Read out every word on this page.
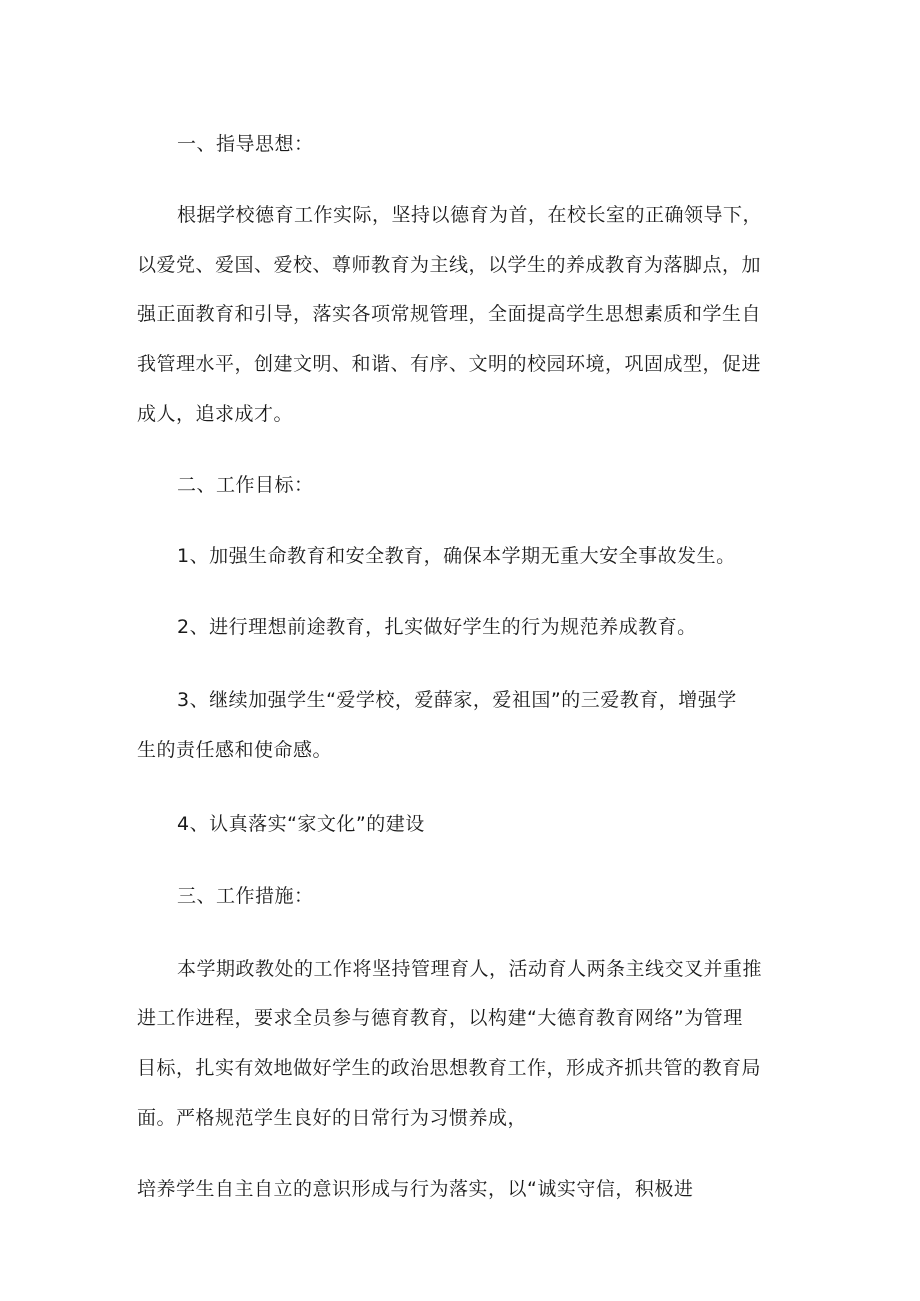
一、指导思想：
根据学校德育工作实际，坚持以德育为首，在校长室的正确领导下，
以爱党、爱国、爱校、尊师教育为主线，以学生的养成教育为落脚点，加
强正面教育和引导，落实各项常规管理，全面提高学生思想素质和学生自
我管理水平，创建文明、和谐、有序、文明的校园环境，巩固成型，促进
成人，追求成才。
二、工作目标：
1、加强生命教育和安全教育，确保本学期无重大安全事故发生。
2、进行理想前途教育，扎实做好学生的行为规范养成教育。
3、继续加强学生“爱学校，爱薛家，爱祖国”的三爱教育，增强学
生的责任感和使命感。
4、认真落实“家文化”的建设
三、工作措施：
本学期政教处的工作将坚持管理育人，活动育人两条主线交叉并重推
进工作进程，要求全员参与德育教育，以构建“大德育教育网络”为管理
目标，扎实有效地做好学生的政治思想教育工作，形成齐抓共管的教育局
面。严格规范学生良好的日常行为习惯养成，
培养学生自主自立的意识形成与行为落实，以“诚实守信，积极进
